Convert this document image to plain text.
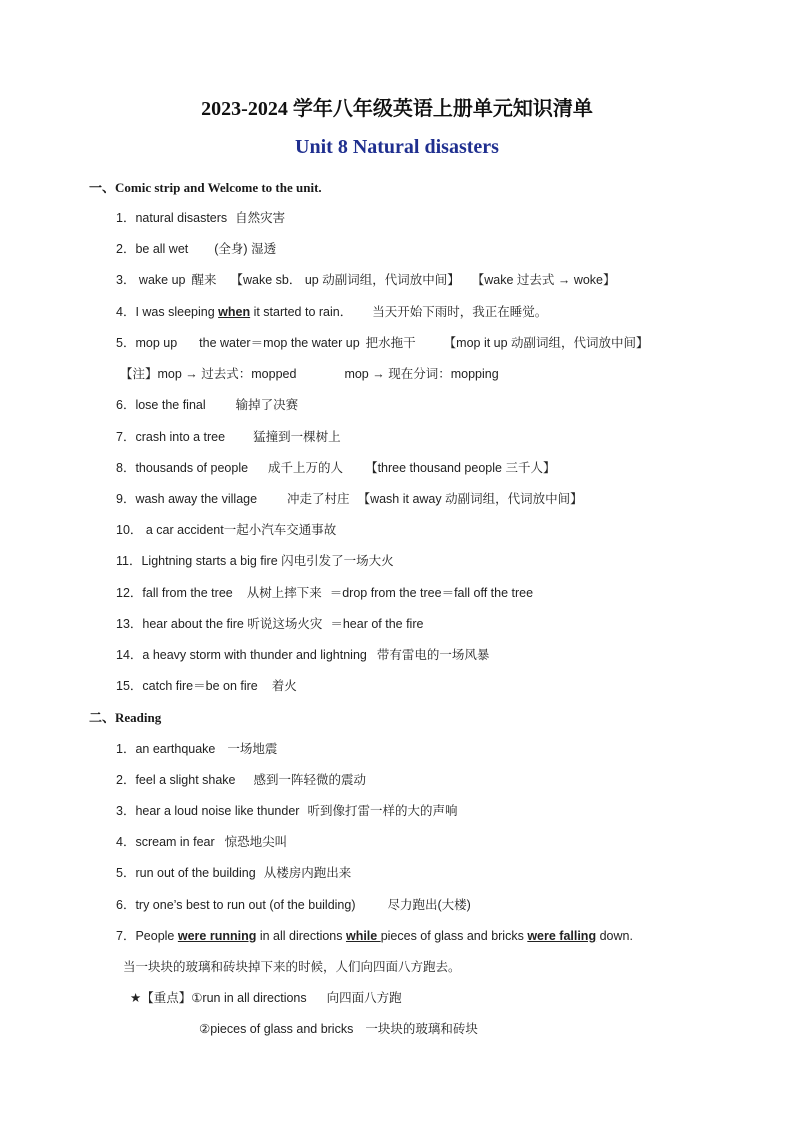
2023-2024 学年八年级英语上册单元知识清单
Unit 8 Natural disasters
一、Comic strip and Welcome to the unit.
1．natural disasters 自然灾害
2．be all wet (全身) 湿透
3． wake up 醒来 【wake sb． up 动副词组，代词放中间】 【wake 过去式 → woke】
4．I was sleeping when it started to rain． 当天开始下雨时，我正在睡觉。
5．mop up the water＝mop the water up 把水拖干 【mop it up 动副词组，代词放中间】
【注】mop → 过去式：mopped	mop → 现在分词：mopping
6．lose the final 输掉了决赛
7．crash into a tree 猛撞到一棵树上
8．thousands of people 成千上万的人 【three thousand people 三千人】
9．wash away the village 冲走了村庄 【wash it away 动副词组，代词放中间】
10． a car accident一起小汽车交通事故
11．Lightning starts a big fire 闪电引发了一场大火
12．fall from the tree 从树上摔下来 ＝drop from the tree＝fall off the tree
13．hear about the fire 听说这场火灾 ＝hear of the fire
14．a heavy storm with thunder and lightning 带有雷电的一场风暴
15．catch fire＝be on fire 着火
二、Reading
1．an earthquake 一场地震
2．feel a slight shake 感到一阵轻微的震动
3．hear a loud noise like thunder 听到像打雷一样的大的声响
4．scream in fear 惊恐地尖叫
5．run out of the building 从楼房内跑出来
6．try one’s best to run out (of the building)	尽力跑出(大楼)
7．People were running in all directions while pieces of glass and bricks were falling down.
当一块块的玻璃和砖块掉下来的时候，人们向四面八方跑去。
★【重点】①run in all directions 向四面八方跑
②pieces of glass and bricks 一块块的玻璃和砖块
